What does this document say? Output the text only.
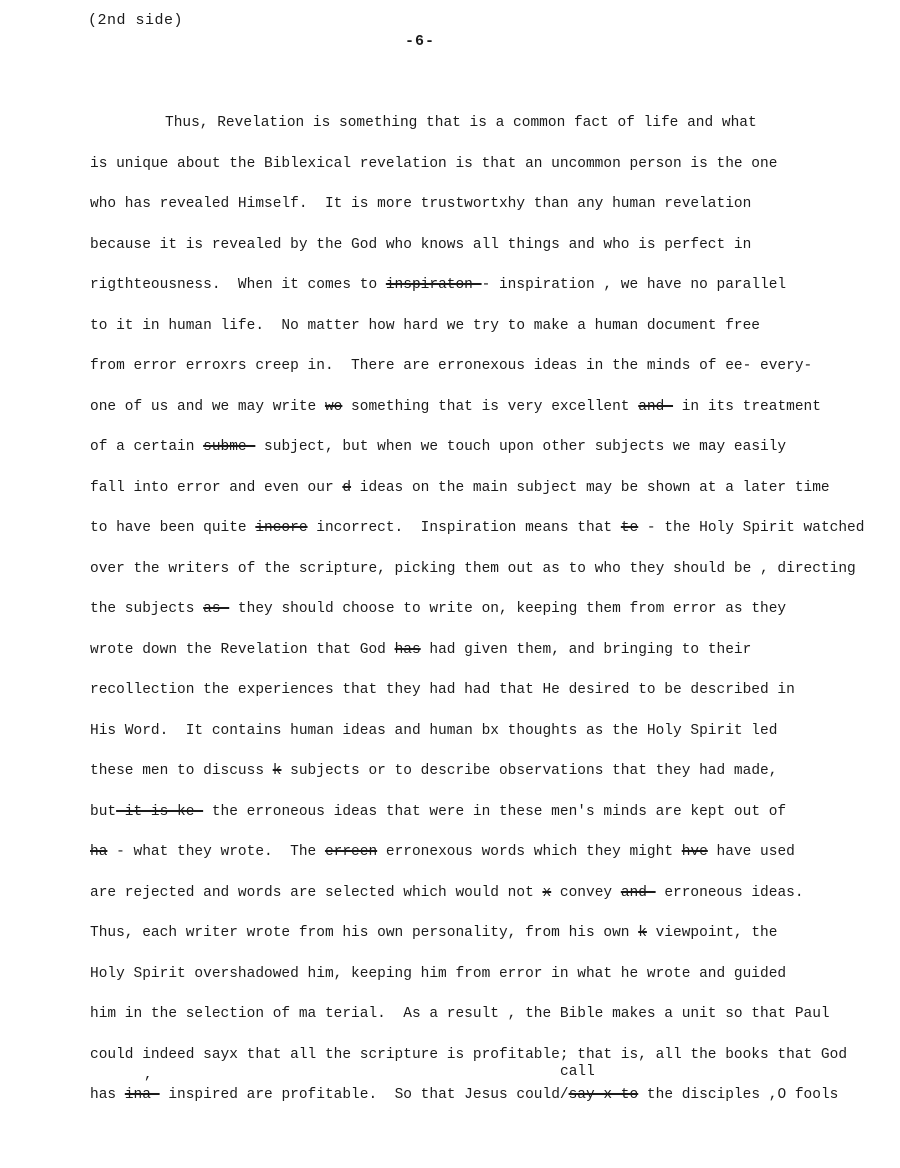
(2nd side)
-6-
Thus, Revelation is something that is a common fact of life and what
is unique about the Biblexical revelation is that an uncommon person is the one
who has revealed Himself.  It is more trustwortxhy than any human revelation
because it is revealed by the God who knows all things and who is perfect in
rigthteousness.  When it comes to inspiraton-- inspiration , we have no parallel
to it in human life.  No matter how hard we try to make a human document free
from error erroxrs creep in.  There are erronexous ideas in the minds of ee- every-
one of us and we may write wo something that is very excellent and- in its treatment
of a certain subme- subject, but when we touch upon other subjects we may easily
fall into error and even our d ideas on the main subject may be shown at a later time
to have been quite incore incorrect.  Inspiration means that te - the Holy Spirit watched
over the writers of the scripture, picking them out as to who they should be , directing
the subjects as- they should choose to write on, keeping them from error as they
wrote down the Revelation that God has had given them, and bringing to their
recollection the experiences that they had had that He desired to be described in
His Word.  It contains human ideas and human bx thoughts as the Holy Spirit led
these men to discuss k subjects or to describe observations that they had made,
but it is ke- the erroneous ideas that were in these men's minds are kept out of
ha - what they wrote.  The erreen erronexous words which they might hve have used
are rejected and words are selected which would not x convey and- erroneous ideas.
Thus, each writer wrote from his own personality, from his own k viewpoint, the
Holy Spirit overshadowed him, keeping him from error in what he wrote and guided
him in the selection of ma terial.  As a result , the Bible makes a unit so that Paul
could indeed sayx that all the scripture is profitable; that is, all the books that God
has ina- inspired are profitable.  So that Jesus could/say x to the disciples ,O fools
call
,
